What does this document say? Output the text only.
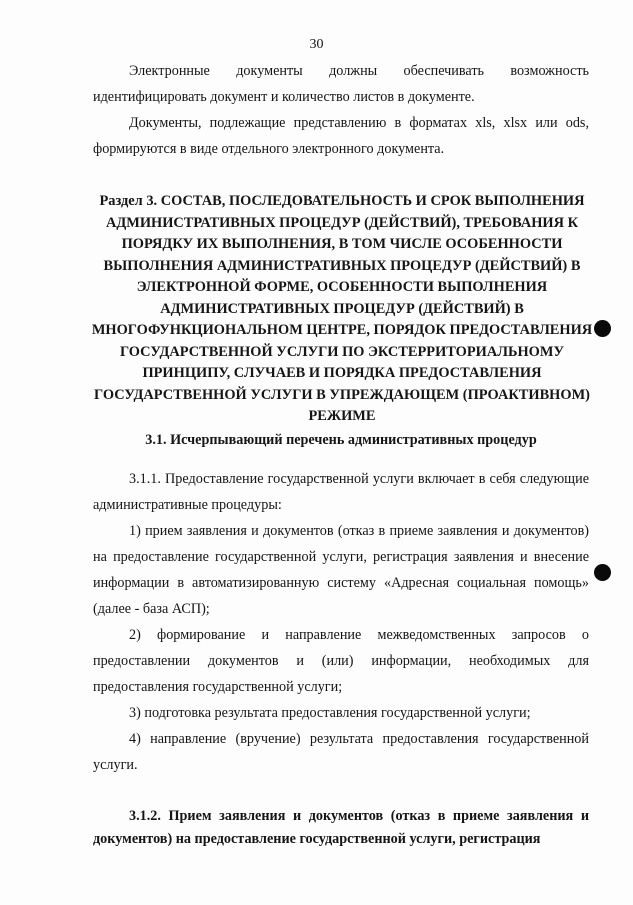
30

Электронные документы должны обеспечивать возможность идентифицировать документ и количество листов в документе.

Документы, подлежащие представлению в форматах xls, xlsx или ods, формируются в виде отдельного электронного документа.

Раздел 3. СОСТАВ, ПОСЛЕДОВАТЕЛЬНОСТЬ И СРОК ВЫПОЛНЕНИЯ АДМИНИСТРАТИВНЫХ ПРОЦЕДУР (ДЕЙСТВИЙ), ТРЕБОВАНИЯ К ПОРЯДКУ ИХ ВЫПОЛНЕНИЯ, В ТОМ ЧИСЛЕ ОСОБЕННОСТИ ВЫПОЛНЕНИЯ АДМИНИСТРАТИВНЫХ ПРОЦЕДУР (ДЕЙСТВИЙ) В ЭЛЕКТРОННОЙ ФОРМЕ, ОСОБЕННОСТИ ВЫПОЛНЕНИЯ АДМИНИСТРАТИВНЫХ ПРОЦЕДУР (ДЕЙСТВИЙ) В МНОГОФУНКЦИОНАЛЬНОМ ЦЕНТРЕ, ПОРЯДОК ПРЕДОСТАВЛЕНИЯ ГОСУДАРСТВЕННОЙ УСЛУГИ ПО ЭКСТЕРРИТОРИАЛЬНОМУ ПРИНЦИПУ, СЛУЧАЕВ И ПОРЯДКА ПРЕДОСТАВЛЕНИЯ ГОСУДАРСТВЕННОЙ УСЛУГИ В УПРЕЖДАЮЩЕМ (ПРОАКТИВНОМ) РЕЖИМЕ
3.1. Исчерпывающий перечень административных процедур

3.1.1. Предоставление государственной услуги включает в себя следующие административные процедуры:

1) прием заявления и документов (отказ в приеме заявления и документов) на предоставление государственной услуги, регистрация заявления и внесение информации в автоматизированную систему «Адресная социальная помощь» (далее - база АСП);

2) формирование и направление межведомственных запросов о предоставлении документов и (или) информации, необходимых для предоставления государственной услуги;

3) подготовка результата предоставления государственной услуги;

4) направление (вручение) результата предоставления государственной услуги.

3.1.2. Прием заявления и документов (отказ в приеме заявления и документов) на предоставление государственной услуги, регистрация
